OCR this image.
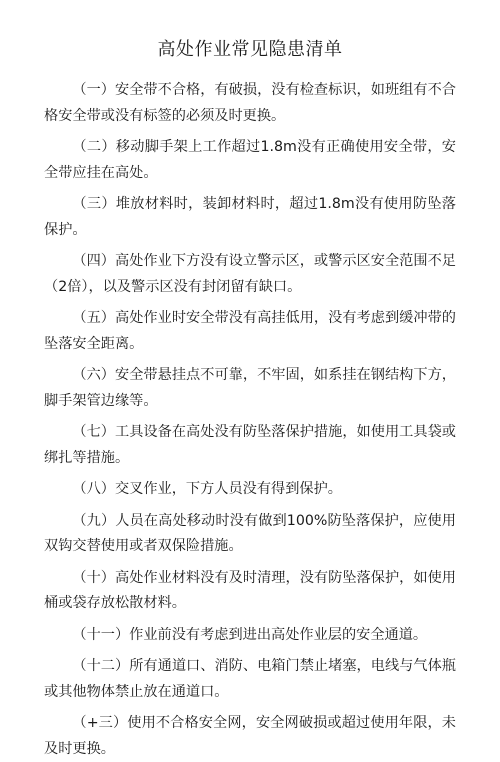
高处作业常见隐患清单

（一）安全带不合格，有破损，没有检查标识，如班组有不合格安全带或没有标签的必须及时更换。

（二）移动脚手架上工作超过1.8m没有正确使用安全带，安全带应挂在高处。

（三）堆放材料时，装卸材料时，超过1.8m没有使用防坠落保护。

（四）高处作业下方没有设立警示区，或警示区安全范围不足（2倍），以及警示区没有封闭留有缺口。

（五）高处作业时安全带没有高挂低用，没有考虑到缓冲带的坠落安全距离。

（六）安全带悬挂点不可靠，不牢固，如系挂在钢结构下方，脚手架管边缘等。

（七）工具设备在高处没有防坠落保护措施，如使用工具袋或绑扎等措施。

（八）交叉作业，下方人员没有得到保护。

（九）人员在高处移动时没有做到100%防坠落保护，应使用双钩交替使用或者双保险措施。

（十）高处作业材料没有及时清理，没有防坠落保护，如使用桶或袋存放松散材料。

（十一）作业前没有考虑到进出高处作业层的安全通道。

（十二）所有通道口、消防、电箱门禁止堵塞，电线与气体瓶或其他物体禁止放在通道口。

（+三）使用不合格安全网，安全网破损或超过使用年限，未及时更换。
